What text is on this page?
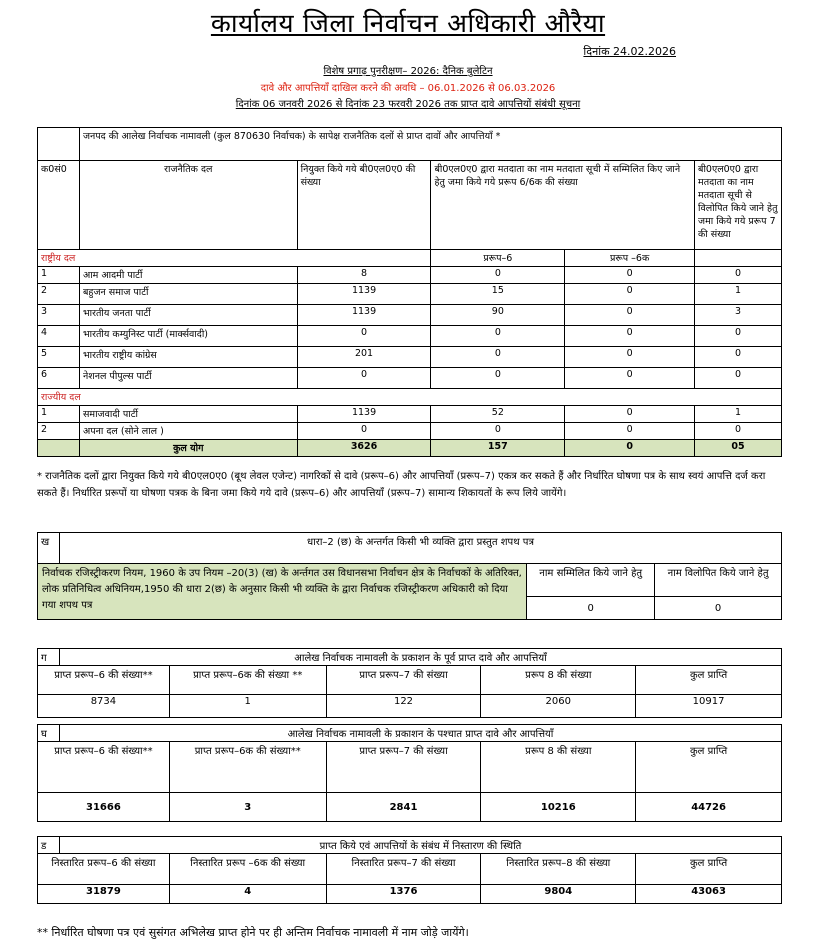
कार्यालय जिला निर्वाचन अधिकारी औरैया
दिनांक 24.02.2026
विशेष प्रगाढ़ पुनरीक्षण– 2026: दैनिक बुलेटिन
दावे और आपत्तियाँ दाखिल करने की अवधि – 06.01.2026 से 06.03.2026
दिनांक 06 जनवरी 2026 से दिनांक 23 फरवरी 2026 तक प्राप्त दावे आपत्तियों संबंधी सूचना
	जनपद की आलेख निर्वाचक नामावली (कुल 870630 निर्वाचक) के सापेक्ष राजनैतिक दलों से प्राप्त दावों और आपत्तियाँ *				
क0सं0	राजनैतिक दल	नियुक्त किये गये बी0एल0ए0 की संख्या	बी0एल0ए0 द्वारा मतदाता का नाम मतदाता सूची में सम्मिलित किए जाने हेतु जमा किये गये प्ररूप 6/6क की संख्या		बी0एल0ए0 द्वारा मतदाता का नाम मतदाता सूची से विलोपित किये जाने हेतु जमा किये गये प्ररूप 7 की संख्या
राष्ट्रीय दल			प्ररूप–6	प्ररूप –6क	
1	आम आदमी पार्टी	8	0	0	0
2	बहुजन समाज पार्टी	1139	15	0	1
3	भारतीय जनता पार्टी	1139	90	0	3
4	भारतीय कम्युनिस्ट पार्टी (मार्क्सवादी)	0	0	0	0
5	भारतीय राष्ट्रीय कांग्रेस	201	0	0	0
6	नेशनल पीपुल्स पार्टी	0	0	0	0
राज्यीय दल					
1	समाजवादी पार्टी	1139	52	0	1
2	अपना दल (सोने लाल )	0	0	0	0
	कुल योग	3626	157	0	05
* राजनैतिक दलों द्वारा नियुक्त किये गये बी0एल0ए0 (बूथ लेवल एजेन्ट) नागरिकों से दावे (प्ररूप–6) और आपत्तियाँ (प्ररूप–7) एकत्र कर सकते हैं और निर्धारित घोषणा पत्र के साथ स्वयं आपत्ति दर्ज करा सकते हैं। निर्धारित प्ररूपों या घोषणा पत्रक के बिना जमा किये गये दावे (प्ररूप–6) और आपत्तियाँ (प्ररूप–7) सामान्य शिकायतों के रूप लिये जायेंगे।
ख	धारा–2 (छ) के अन्तर्गत किसी भी व्यक्ति द्वारा प्रस्तुत शपथ पत्र		
निर्वाचक रजिस्ट्रीकरण नियम, 1960 के उप नियम –20(3) (ख) के अर्न्तगत उस विधानसभा निर्वाचन क्षेत्र के निर्वाचकों के अतिरिक्त, लोक प्रतिनिधित्व अधिनियम,1950 की धारा 2(छ) के अनुसार किसी भी व्यक्ति के द्वारा निर्वाचक रजिस्ट्रीकरण अधिकारी को दिया गया शपथ पत्र		नाम सम्मिलित किये जाने हेतु	नाम विलोपित किये जाने हेतु
		0	0
ग	आलेख निर्वाचक नामावली के प्रकाशन के पूर्व प्राप्त दावे और आपत्तियाँ				
प्राप्त प्ररूप–6 की संख्या**		प्राप्त प्ररूप–6क की संख्या **	प्राप्त प्ररूप–7 की संख्या	प्ररूप 8 की संख्या	कुल प्राप्ति
8734		1	122	2060	10917

घ	आलेख निर्वाचक नामावली के प्रकाशन के पश्चात प्राप्त दावे और आपत्तियाँ				
प्राप्त प्ररूप–6 की संख्या**		प्राप्त प्ररूप–6क की संख्या**	प्राप्त प्ररूप–7 की संख्या	प्ररूप 8 की संख्या	कुल प्राप्ति
31666		3	2841	10216	44726

ड	प्राप्त किये एवं आपत्तियों के संबंध में निस्तारण की स्थिति				
निस्तारित प्ररूप–6 की संख्या		निस्तारित प्ररूप –6क की संख्या	निस्तारित प्ररूप–7 की संख्या	निस्तारित प्ररूप–8 की संख्या	कुल प्राप्ति
31879		4	1376	9804	43063
** निर्धारित घोषणा पत्र एवं सुसंगत अभिलेख प्राप्त होने पर ही अन्तिम निर्वाचक नामावली में नाम जोड़े जायेंगे।
